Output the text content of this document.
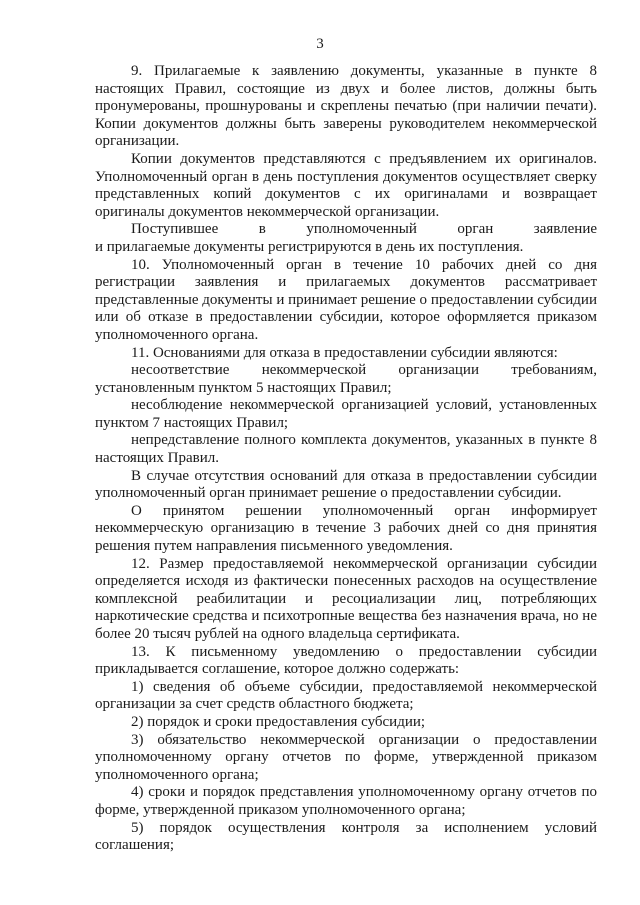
3

9. Прилагаемые к заявлению документы, указанные в пункте 8 настоящих Правил, состоящие из двух и более листов, должны быть пронумерованы, прошнурованы и скреплены печатью (при наличии печати). Копии документов должны быть заверены руководителем некоммерческой организации.

Копии документов представляются с предъявлением их оригиналов. Уполномоченный орган в день поступления документов осуществляет сверку представленных копий документов с их оригиналами и возвращает оригиналы документов некоммерческой организации.

Поступившее в уполномоченный орган заявление

и прилагаемые документы регистрируются в день их поступления.

10. Уполномоченный орган в течение 10 рабочих дней со дня регистрации заявления и прилагаемых документов рассматривает представленные документы и принимает решение о предоставлении субсидии или об отказе в предоставлении субсидии, которое оформляется приказом уполномоченного органа.

11. Основаниями для отказа в предоставлении субсидии являются:

несоответствие некоммерческой организации требованиям, установленным пунктом 5 настоящих Правил;

несоблюдение некоммерческой организацией условий, установленных пунктом 7 настоящих Правил;

непредставление полного комплекта документов, указанных в пункте 8 настоящих Правил.

В случае отсутствия оснований для отказа в предоставлении субсидии уполномоченный орган принимает решение о предоставлении субсидии.

О принятом решении уполномоченный орган информирует некоммерческую организацию в течение 3 рабочих дней со дня принятия решения путем направления письменного уведомления.

12. Размер предоставляемой некоммерческой организации субсидии определяется исходя из фактически понесенных расходов на осуществление комплексной реабилитации и ресоциализации лиц, потребляющих наркотические средства и психотропные вещества без назначения врача, но не более 20 тысяч рублей на одного владельца сертификата.

13. К письменному уведомлению о предоставлении субсидии прикладывается соглашение, которое должно содержать:

1) сведения об объеме субсидии, предоставляемой некоммерческой организации за счет средств областного бюджета;

2) порядок и сроки предоставления субсидии;

3) обязательство некоммерческой организации о предоставлении уполномоченному органу отчетов по форме, утвержденной приказом уполномоченного органа;

4) сроки и порядок представления уполномоченному органу отчетов по форме, утвержденной приказом уполномоченного органа;

5) порядок осуществления контроля за исполнением условий соглашения;
